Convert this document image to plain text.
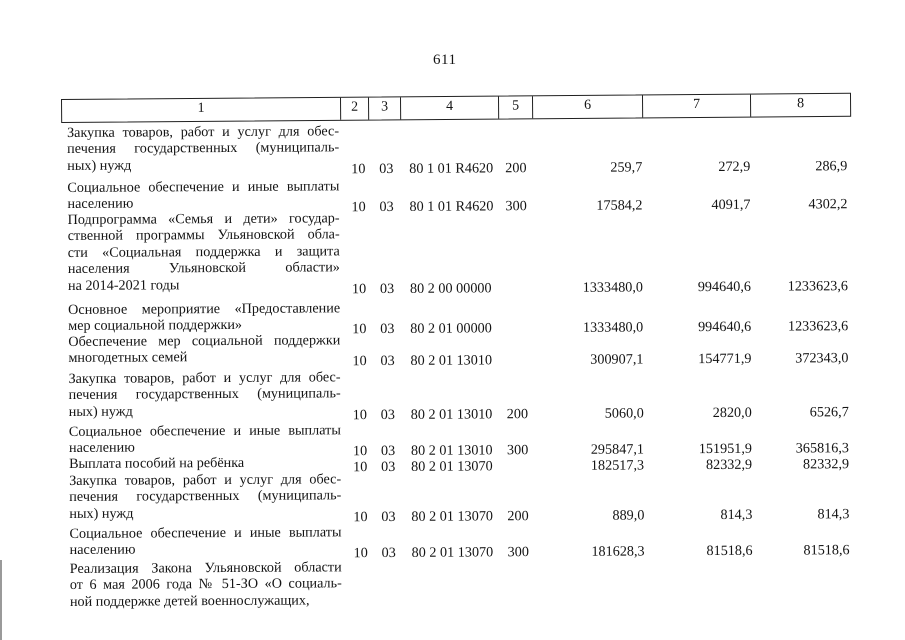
611
1	2	3	4	5	6	7	8
Закупка товаров, работ и услуг для обес-
печения государственных (муниципаль-
ных) нужд	10 03 80 1 01 R4620 200	259,7	272,9	286,9
Социальное обеспечение и иные выплаты
населению	10 03 80 1 01 R4620 300	17584,2	4091,7	4302,2
Подпрограмма «Семья и дети» государ-
ственной программы Ульяновской обла-
сти «Социальная поддержка и защита
населения Ульяновской области»
на 2014-2021 годы	10 03 80 2 00 00000	1333480,0	994640,6	1233623,6
Основное мероприятие «Предоставление
мер социальной поддержки»	10 03 80 2 01 00000	1333480,0	994640,6	1233623,6
Обеспечение мер социальной поддержки
многодетных семей	10 03 80 2 01 13010	300907,1	154771,9	372343,0
Закупка товаров, работ и услуг для обес-
печения государственных (муниципаль-
ных) нужд	10 03 80 2 01 13010 200	5060,0	2820,0	6526,7
Социальное обеспечение и иные выплаты
населению	10 03 80 2 01 13010 300	295847,1	151951,9	365816,3
Выплата пособий на ребёнка	10 03 80 2 01 13070	182517,3	82332,9	82332,9
Закупка товаров, работ и услуг для обес-
печения государственных (муниципаль-
ных) нужд	10 03 80 2 01 13070 200	889,0	814,3	814,3
Социальное обеспечение и иные выплаты
населению	10 03 80 2 01 13070 300	181628,3	81518,6	81518,6
Реализация Закона Ульяновской области
от 6 мая 2006 года № 51-ЗО «О социаль-
ной поддержке детей военнослужащих,
